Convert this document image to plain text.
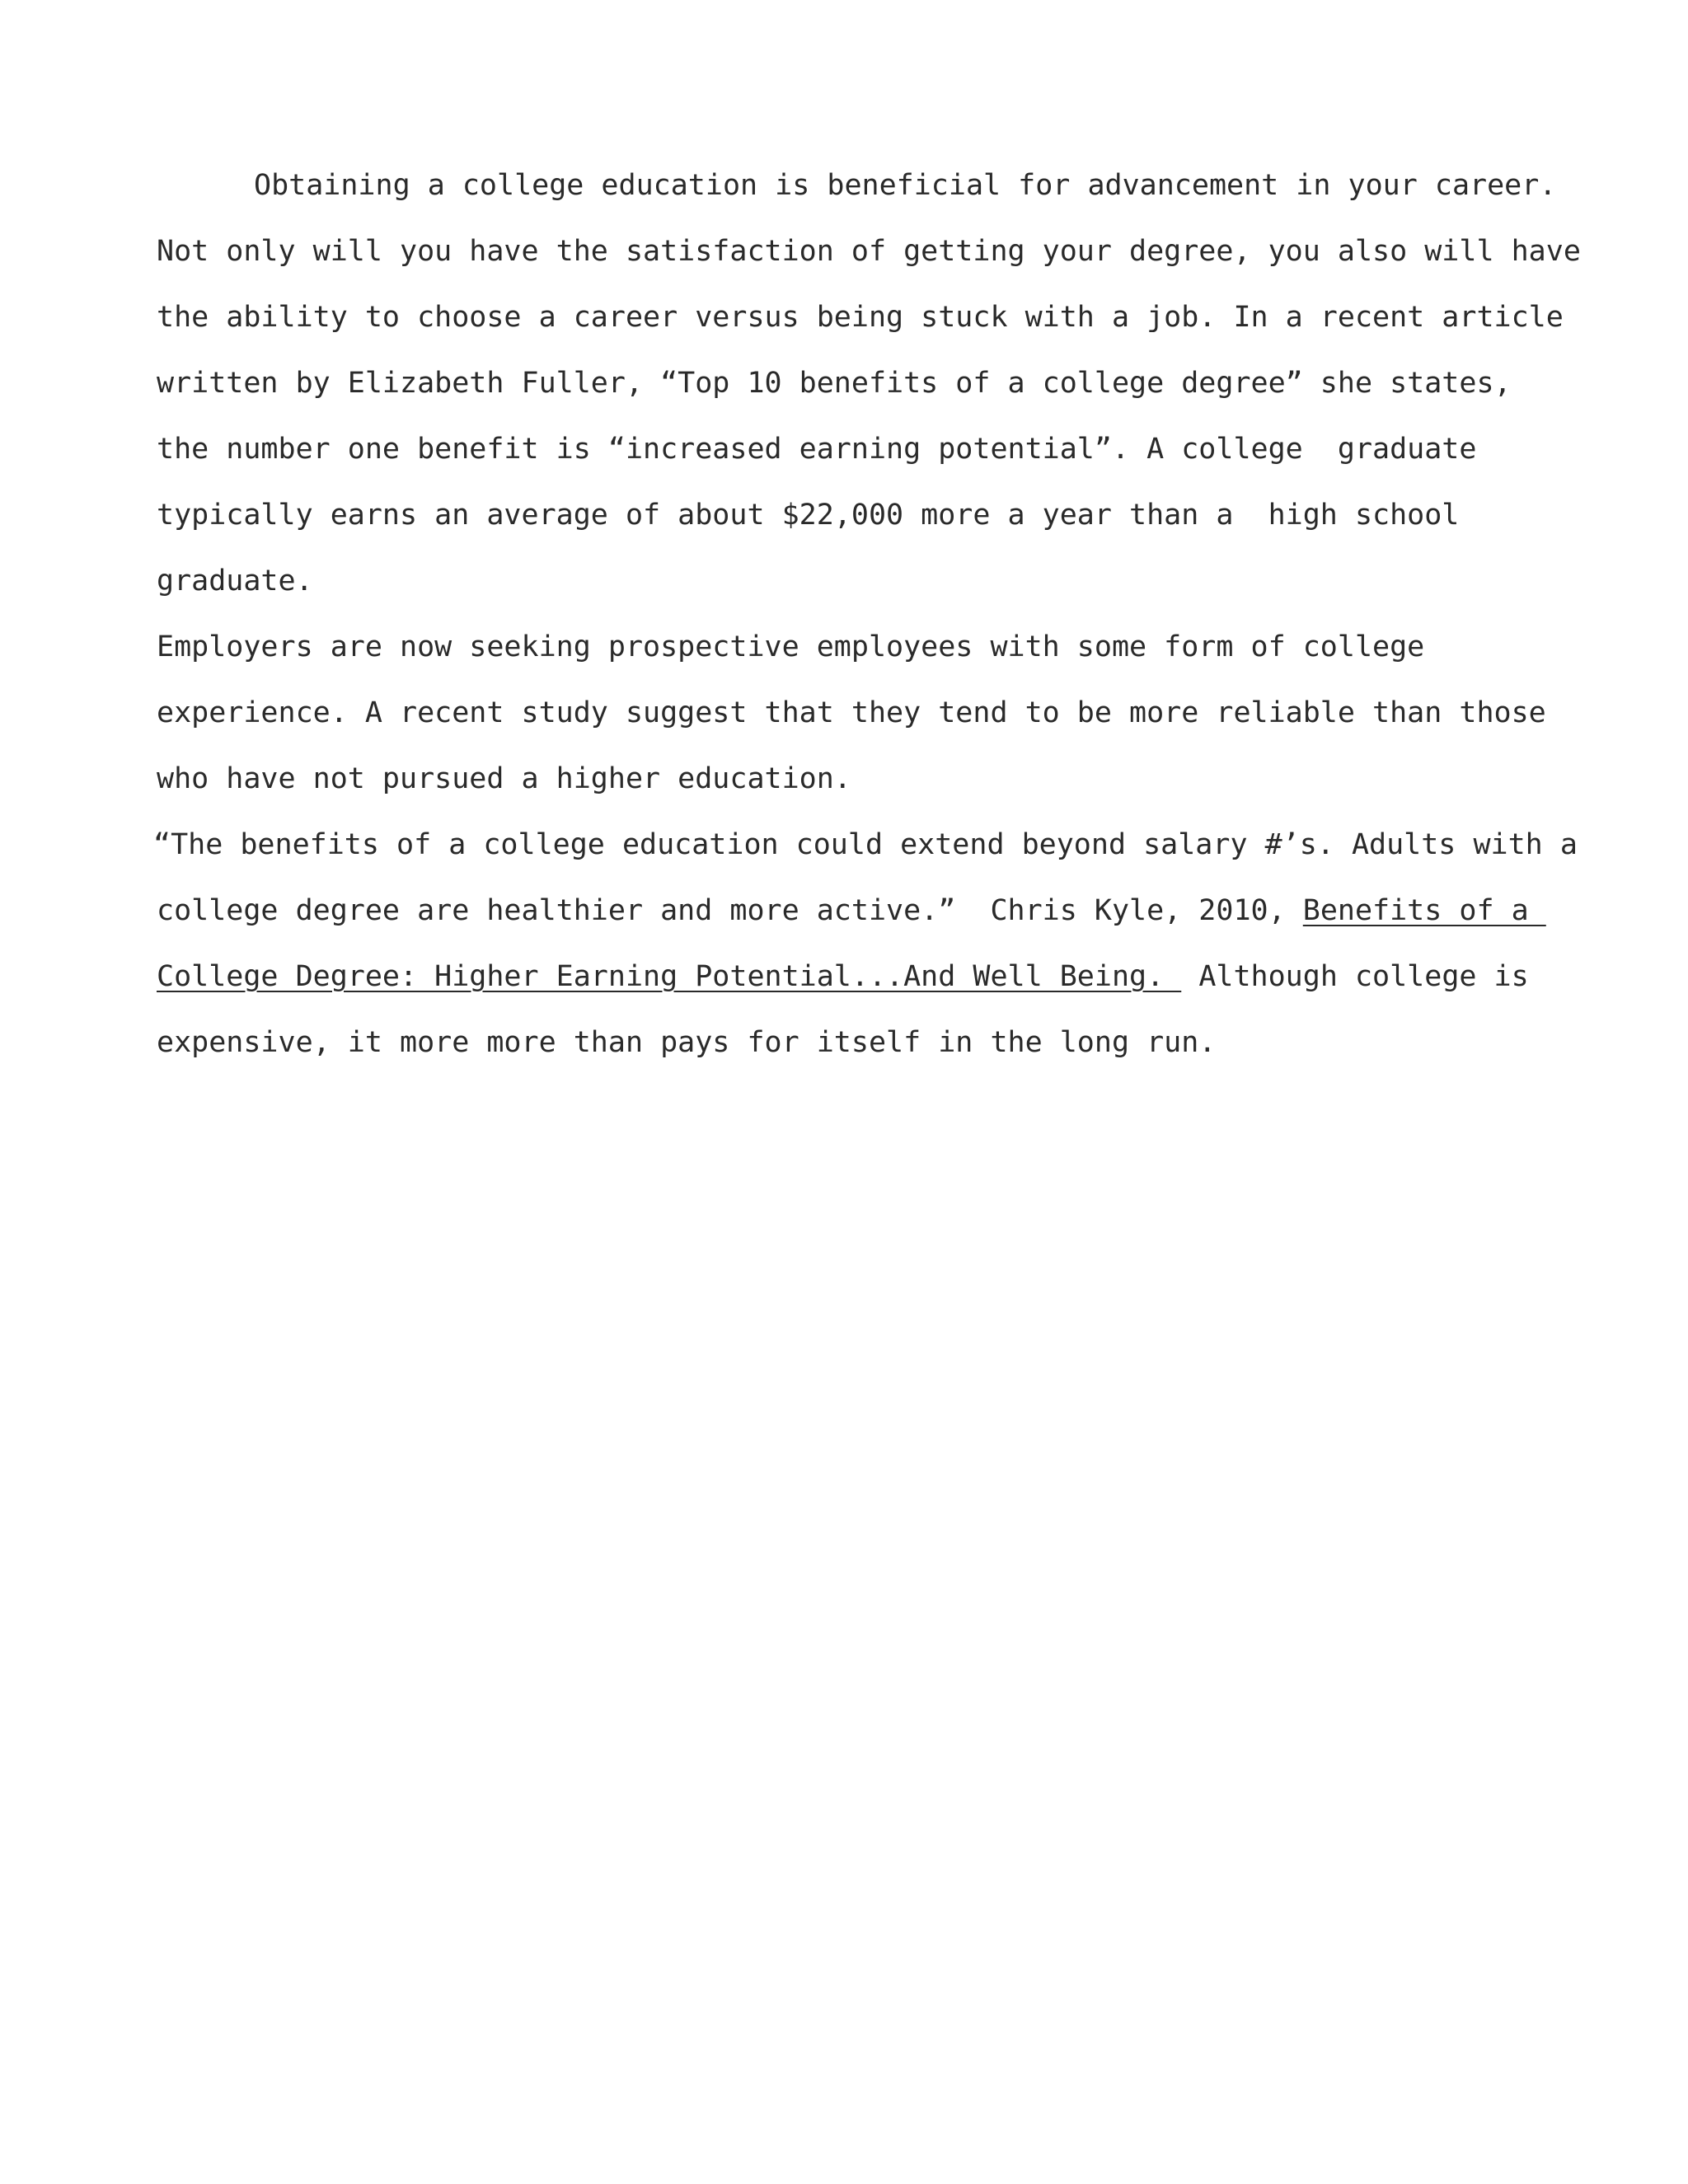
Obtaining a college education is beneficial for advancement in your career.
Not only will you have the satisfaction of getting your degree, you also will have
the ability to choose a career versus being stuck with a job. In a recent article
written by Elizabeth Fuller, “Top 10 benefits of a college degree” she states,
the number one benefit is “increased earning potential”. A college  graduate
typically earns an average of about $22,000 more a year than a  high school
graduate.
Employers are now seeking prospective employees with some form of college
experience. A recent study suggest that they tend to be more reliable than those
who have not pursued a higher education.
“The benefits of a college education could extend beyond salary #’s. Adults with a
college degree are healthier and more active.”  Chris Kyle, 2010, Benefits of a
College Degree: Higher Earning Potential...And Well Being.  Although college is
expensive, it more more than pays for itself in the long run.
